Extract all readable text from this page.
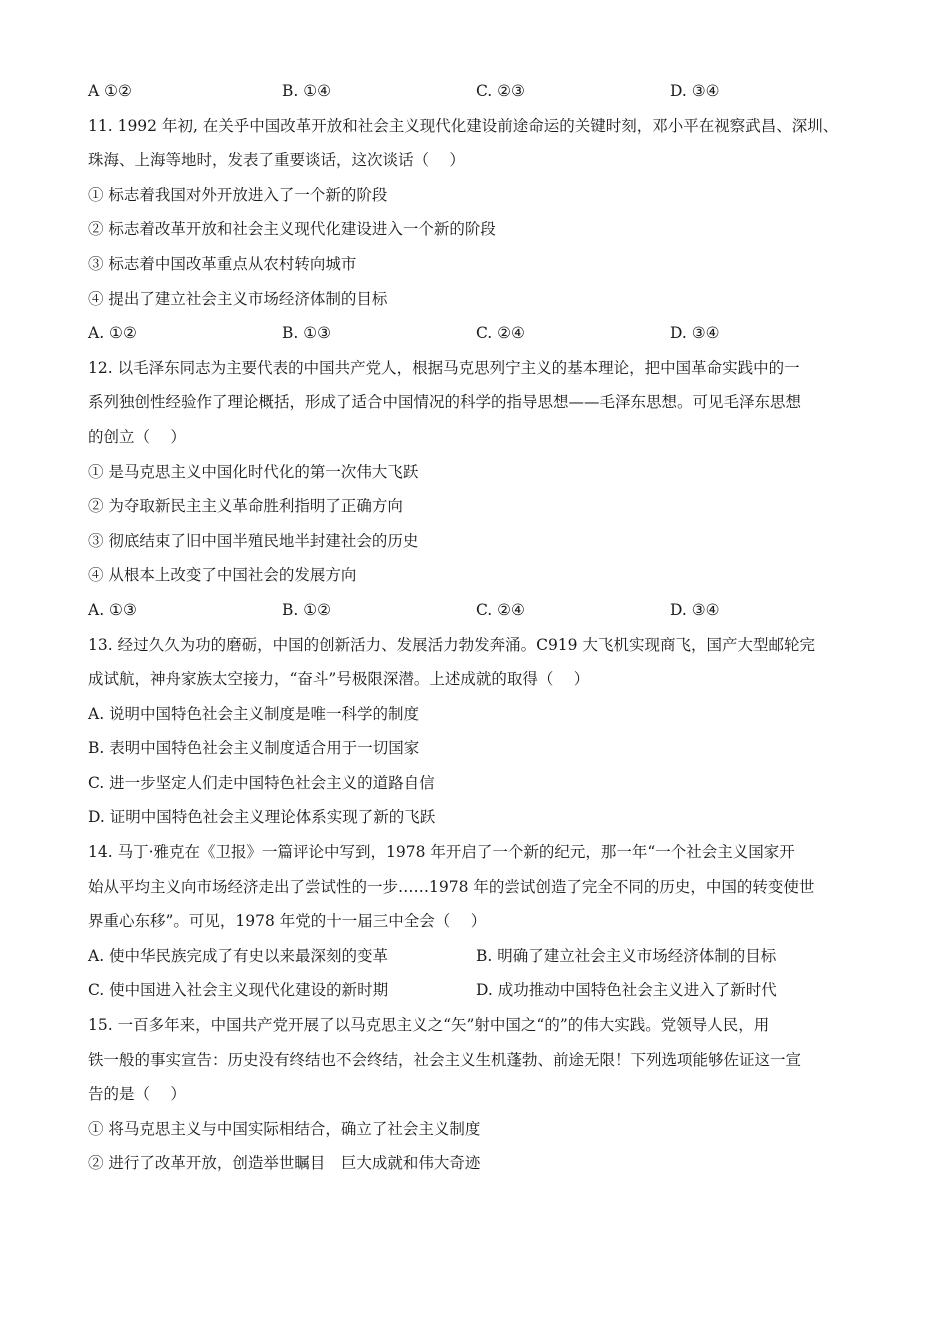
A ①②	B. ①④	C. ②③	D. ③④
11. 1992 年初, 在关乎中国改革开放和社会主义现代化建设前途命运的关键时刻，邓小平在视察武昌、深圳、
珠海、上海等地时，发表了重要谈话，这次谈话（　 ）
① 标志着我国对外开放进入了一个新的阶段
② 标志着改革开放和社会主义现代化建设进入一个新的阶段
③ 标志着中国改革重点从农村转向城市
④ 提出了建立社会主义市场经济体制的目标
A. ①②	B. ①③	C. ②④	D. ③④
12. 以毛泽东同志为主要代表的中国共产党人，根据马克思列宁主义的基本理论，把中国革命实践中的一
系列独创性经验作了理论概括，形成了适合中国情况的科学的指导思想——毛泽东思想。可见毛泽东思想
的创立（　 ）
① 是马克思主义中国化时代化的第一次伟大飞跃
② 为夺取新民主主义革命胜利指明了正确方向
③ 彻底结束了旧中国半殖民地半封建社会的历史
④ 从根本上改变了中国社会的发展方向
A. ①③	B. ①②	C. ②④	D. ③④
13. 经过久久为功的磨砺，中国的创新活力、发展活力勃发奔涌。C919 大飞机实现商飞，国产大型邮轮完
成试航，神舟家族太空接力，“奋斗”号极限深潜。上述成就的取得（　 ）
A. 说明中国特色社会主义制度是唯一科学的制度
B. 表明中国特色社会主义制度适合用于一切国家
C. 进一步坚定人们走中国特色社会主义的道路自信
D. 证明中国特色社会主义理论体系实现了新的飞跃
14. 马丁·雅克在《卫报》一篇评论中写到，1978 年开启了一个新的纪元，那一年“一个社会主义国家开
始从平均主义向市场经济走出了尝试性的一步……1978 年的尝试创造了完全不同的历史，中国的转变使世
界重心东移”。可见，1978 年党的十一届三中全会（　 ）
A. 使中华民族完成了有史以来最深刻的变革	B. 明确了建立社会主义市场经济体制的目标
C. 使中国进入社会主义现代化建设的新时期	D. 成功推动中国特色社会主义进入了新时代
15. 一百多年来，中国共产党开展了以马克思主义之“矢”射中国之“的”的伟大实践。党领导人民，用
铁一般的事实宣告：历史没有终结也不会终结，社会主义生机蓬勃、前途无限！下列选项能够佐证这一宣
告的是（　 ）
① 将马克思主义与中国实际相结合，确立了社会主义制度
② 进行了改革开放，创造举世瞩目　巨大成就和伟大奇迹
